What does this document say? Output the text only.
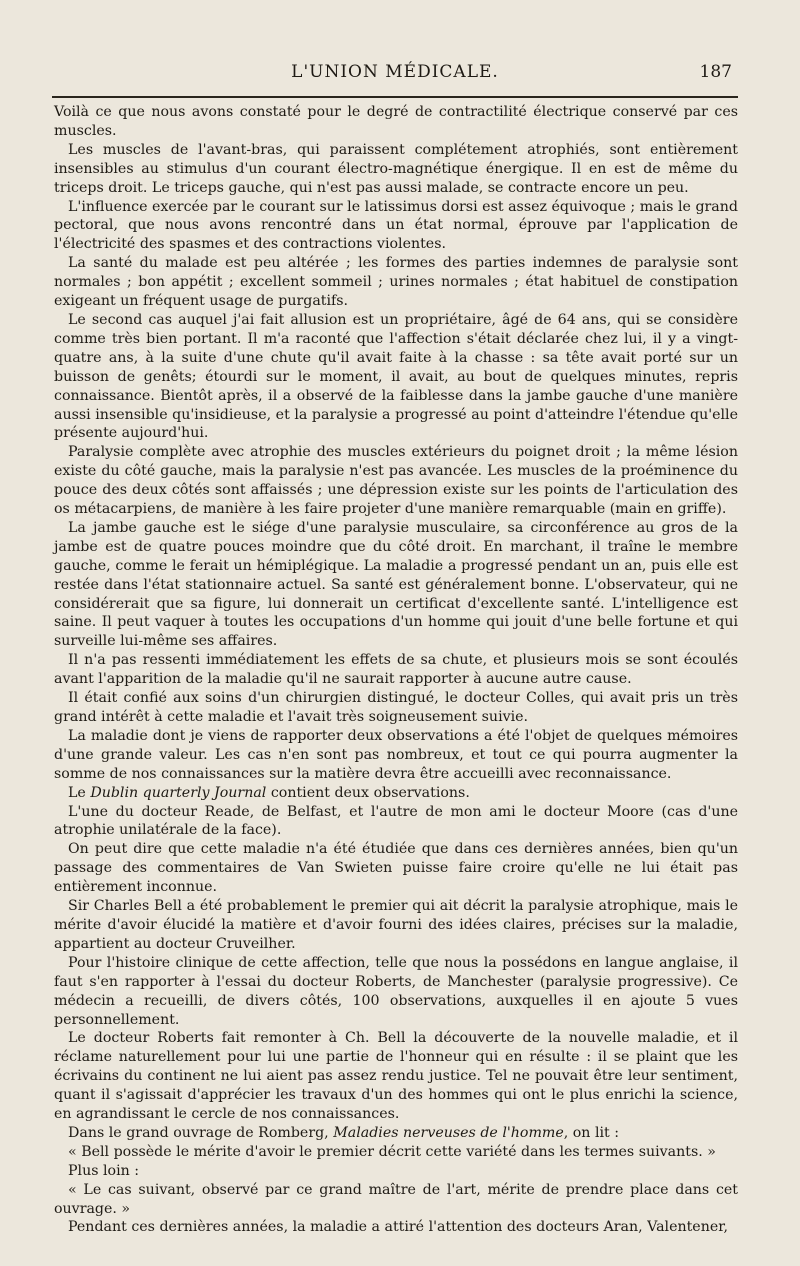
L'UNION MÉDICALE.	187

Voilà ce que nous avons constaté pour le degré de contractilité électrique conservé par ces muscles.

Les muscles de l'avant-bras, qui paraissent complétement atrophiés, sont entièrement insensibles au stimulus d'un courant électro-magnétique énergique. Il en est de même du triceps droit. Le triceps gauche, qui n'est pas aussi malade, se contracte encore un peu.

L'influence exercée par le courant sur le latissimus dorsi est assez équivoque ; mais le grand pectoral, que nous avons rencontré dans un état normal, éprouve par l'application de l'électricité des spasmes et des contractions violentes.

La santé du malade est peu altérée ; les formes des parties indemnes de paralysie sont normales ; bon appétit ; excellent sommeil ; urines normales ; état habituel de constipation exigeant un fréquent usage de purgatifs.

Le second cas auquel j'ai fait allusion est un propriétaire, âgé de 64 ans, qui se considère comme très bien portant. Il m'a raconté que l'affection s'était déclarée chez lui, il y a vingt-quatre ans, à la suite d'une chute qu'il avait faite à la chasse : sa tête avait porté sur un buisson de genêts; étourdi sur le moment, il avait, au bout de quelques minutes, repris connaissance. Bientôt après, il a observé de la faiblesse dans la jambe gauche d'une manière aussi insensible qu'insidieuse, et la paralysie a progressé au point d'atteindre l'étendue qu'elle présente aujourd'hui.

Paralysie complète avec atrophie des muscles extérieurs du poignet droit ; la même lésion existe du côté gauche, mais la paralysie n'est pas avancée. Les muscles de la proéminence du pouce des deux côtés sont affaissés ; une dépression existe sur les points de l'articulation des os métacarpiens, de manière à les faire projeter d'une manière remarquable (main en griffe).

La jambe gauche est le siége d'une paralysie musculaire, sa circonférence au gros de la jambe est de quatre pouces moindre que du côté droit. En marchant, il traîne le membre gauche, comme le ferait un hémiplégique. La maladie a progressé pendant un an, puis elle est restée dans l'état stationnaire actuel. Sa santé est généralement bonne. L'observateur, qui ne considérerait que sa figure, lui donnerait un certificat d'excellente santé. L'intelligence est saine. Il peut vaquer à toutes les occupations d'un homme qui jouit d'une belle fortune et qui surveille lui-même ses affaires.

Il n'a pas ressenti immédiatement les effets de sa chute, et plusieurs mois se sont écoulés avant l'apparition de la maladie qu'il ne saurait rapporter à aucune autre cause.

Il était confié aux soins d'un chirurgien distingué, le docteur Colles, qui avait pris un très grand intérêt à cette maladie et l'avait très soigneusement suivie.

La maladie dont je viens de rapporter deux observations a été l'objet de quelques mémoires d'une grande valeur. Les cas n'en sont pas nombreux, et tout ce qui pourra augmenter la somme de nos connaissances sur la matière devra être accueilli avec reconnaissance.

Le Dublin quarterly Journal contient deux observations.

L'une du docteur Reade, de Belfast, et l'autre de mon ami le docteur Moore (cas d'une atrophie unilatérale de la face).

On peut dire que cette maladie n'a été étudiée que dans ces dernières années, bien qu'un passage des commentaires de Van Swieten puisse faire croire qu'elle ne lui était pas entièrement inconnue.

Sir Charles Bell a été probablement le premier qui ait décrit la paralysie atrophique, mais le mérite d'avoir élucidé la matière et d'avoir fourni des idées claires, précises sur la maladie, appartient au docteur Cruveilher.

Pour l'histoire clinique de cette affection, telle que nous la possédons en langue anglaise, il faut s'en rapporter à l'essai du docteur Roberts, de Manchester (paralysie progressive). Ce médecin a recueilli, de divers côtés, 100 observations, auxquelles il en ajoute 5 vues personnellement.

Le docteur Roberts fait remonter à Ch. Bell la découverte de la nouvelle maladie, et il réclame naturellement pour lui une partie de l'honneur qui en résulte : il se plaint que les écrivains du continent ne lui aient pas assez rendu justice. Tel ne pouvait être leur sentiment, quant il s'agissait d'apprécier les travaux d'un des hommes qui ont le plus enrichi la science, en agrandissant le cercle de nos connaissances.

Dans le grand ouvrage de Romberg, Maladies nerveuses de l'homme, on lit :

« Bell possède le mérite d'avoir le premier décrit cette variété dans les termes suivants. »

Plus loin :

« Le cas suivant, observé par ce grand maître de l'art, mérite de prendre place dans cet ouvrage. »

Pendant ces dernières années, la maladie a attiré l'attention des docteurs Aran, Valentener,
